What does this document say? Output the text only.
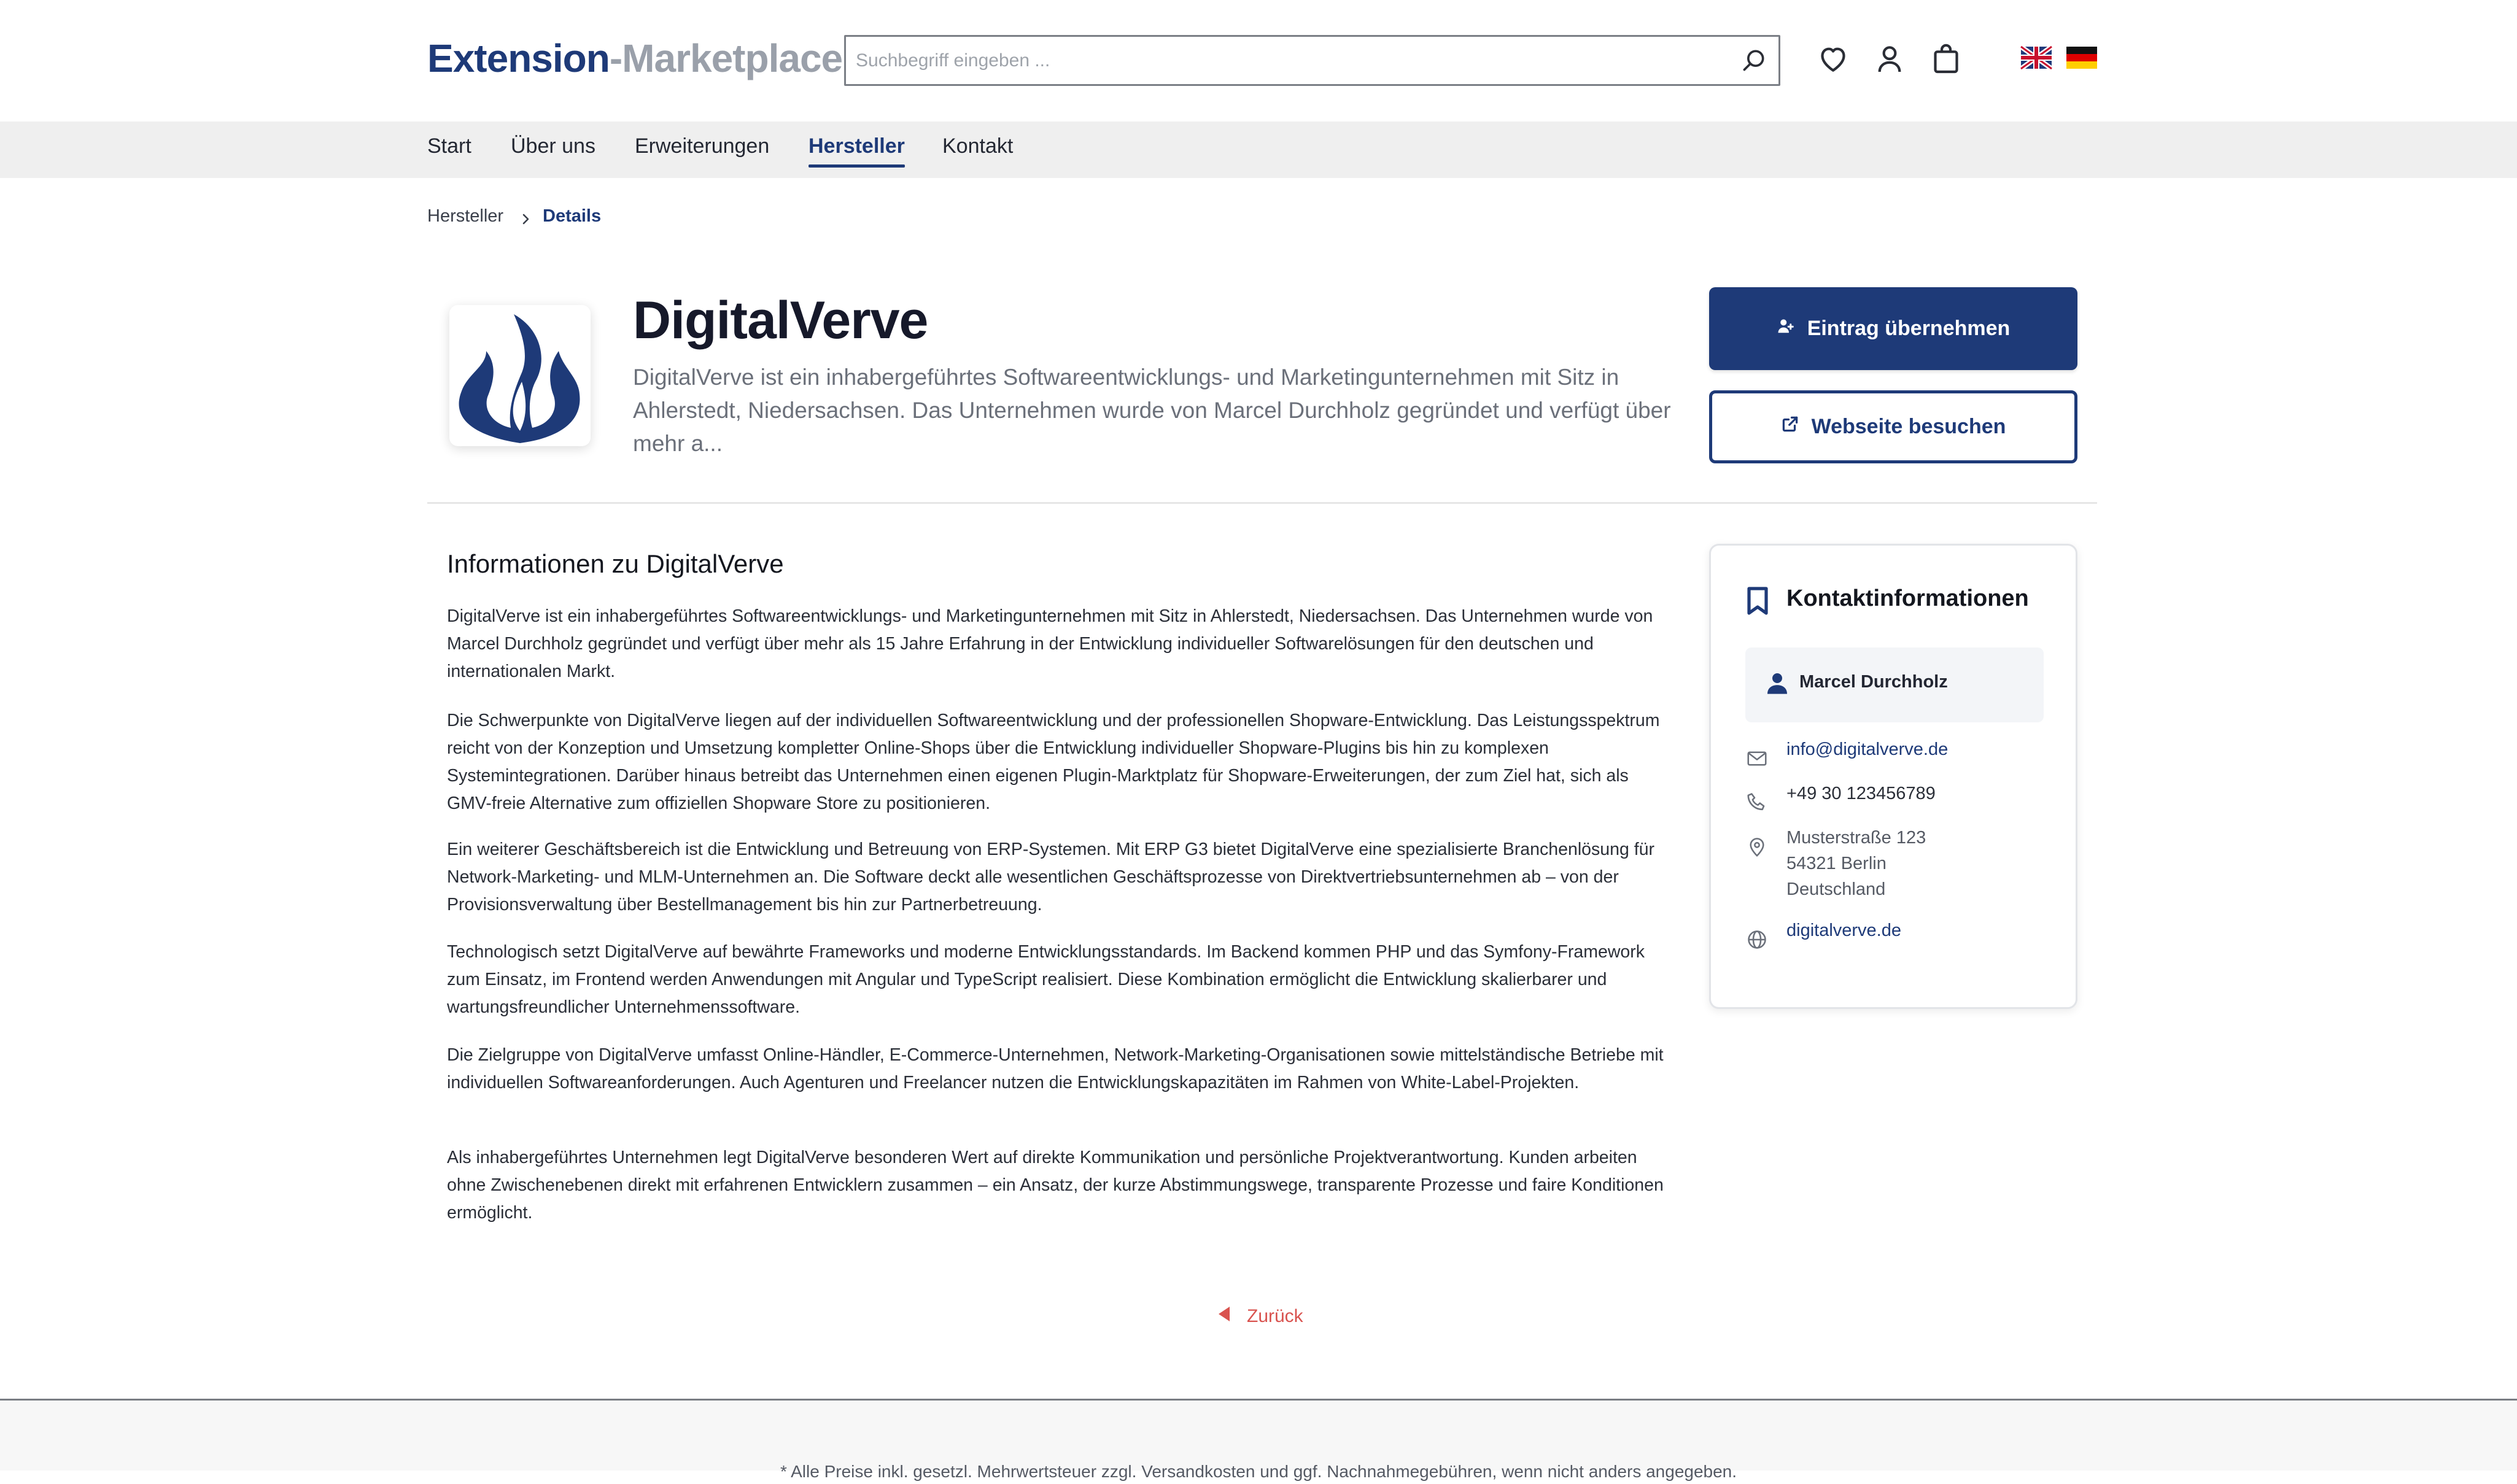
Extension-Marketplace
Suchbegriff eingeben ...
Start Über uns Erweiterungen Hersteller Kontakt
Hersteller Details
DigitalVerve
DigitalVerve ist ein inhabergeführtes Softwareentwicklungs- und Marketingunternehmen mit Sitz in Ahlerstedt, Niedersachsen. Das Unternehmen wurde von Marcel Durchholz gegründet und verfügt über mehr a...
Eintrag übernehmen
Webseite besuchen
Informationen zu DigitalVerve

DigitalVerve ist ein inhabergeführtes Softwareentwicklungs- und Marketingunternehmen mit Sitz in Ahlerstedt, Niedersachsen. Das Unternehmen wurde von Marcel Durchholz gegründet und verfügt über mehr als 15 Jahre Erfahrung in der Entwicklung individueller Softwarelösungen für den deutschen und internationalen Markt.

Die Schwerpunkte von DigitalVerve liegen auf der individuellen Softwareentwicklung und der professionellen Shopware-Entwicklung. Das Leistungsspektrum reicht von der Konzeption und Umsetzung kompletter Online-Shops über die Entwicklung individueller Shopware-Plugins bis hin zu komplexen Systemintegrationen. Darüber hinaus betreibt das Unternehmen einen eigenen Plugin-Marktplatz für Shopware-Erweiterungen, der zum Ziel hat, sich als GMV-freie Alternative zum offiziellen Shopware Store zu positionieren.

Ein weiterer Geschäftsbereich ist die Entwicklung und Betreuung von ERP-Systemen. Mit ERP G3 bietet DigitalVerve eine spezialisierte Branchenlösung für Network-Marketing- und MLM-Unternehmen an. Die Software deckt alle wesentlichen Geschäftsprozesse von Direktvertriebsunternehmen ab – von der Provisionsverwaltung über Bestellmanagement bis hin zur Partnerbetreuung.

Technologisch setzt DigitalVerve auf bewährte Frameworks und moderne Entwicklungsstandards. Im Backend kommen PHP und das Symfony-Framework zum Einsatz, im Frontend werden Anwendungen mit Angular und TypeScript realisiert. Diese Kombination ermöglicht die Entwicklung skalierbarer und wartungsfreundlicher Unternehmenssoftware.

Die Zielgruppe von DigitalVerve umfasst Online-Händler, E-Commerce-Unternehmen, Network-Marketing-Organisationen sowie mittelständische Betriebe mit individuellen Softwareanforderungen. Auch Agenturen und Freelancer nutzen die Entwicklungskapazitäten im Rahmen von White-Label-Projekten.

Als inhabergeführtes Unternehmen legt DigitalVerve besonderen Wert auf direkte Kommunikation und persönliche Projektverantwortung. Kunden arbeiten ohne Zwischenebenen direkt mit erfahrenen Entwicklern zusammen – ein Ansatz, der kurze Abstimmungswege, transparente Prozesse und faire Konditionen ermöglicht.

Kontaktinformationen
Marcel Durchholz
info@digitalverve.de
+49 30 123456789
Musterstraße 123
54321 Berlin
Deutschland
digitalverve.de
Zurück
* Alle Preise inkl. gesetzl. Mehrwertsteuer zzgl. Versandkosten und ggf. Nachnahmegebühren, wenn nicht anders angegeben.
